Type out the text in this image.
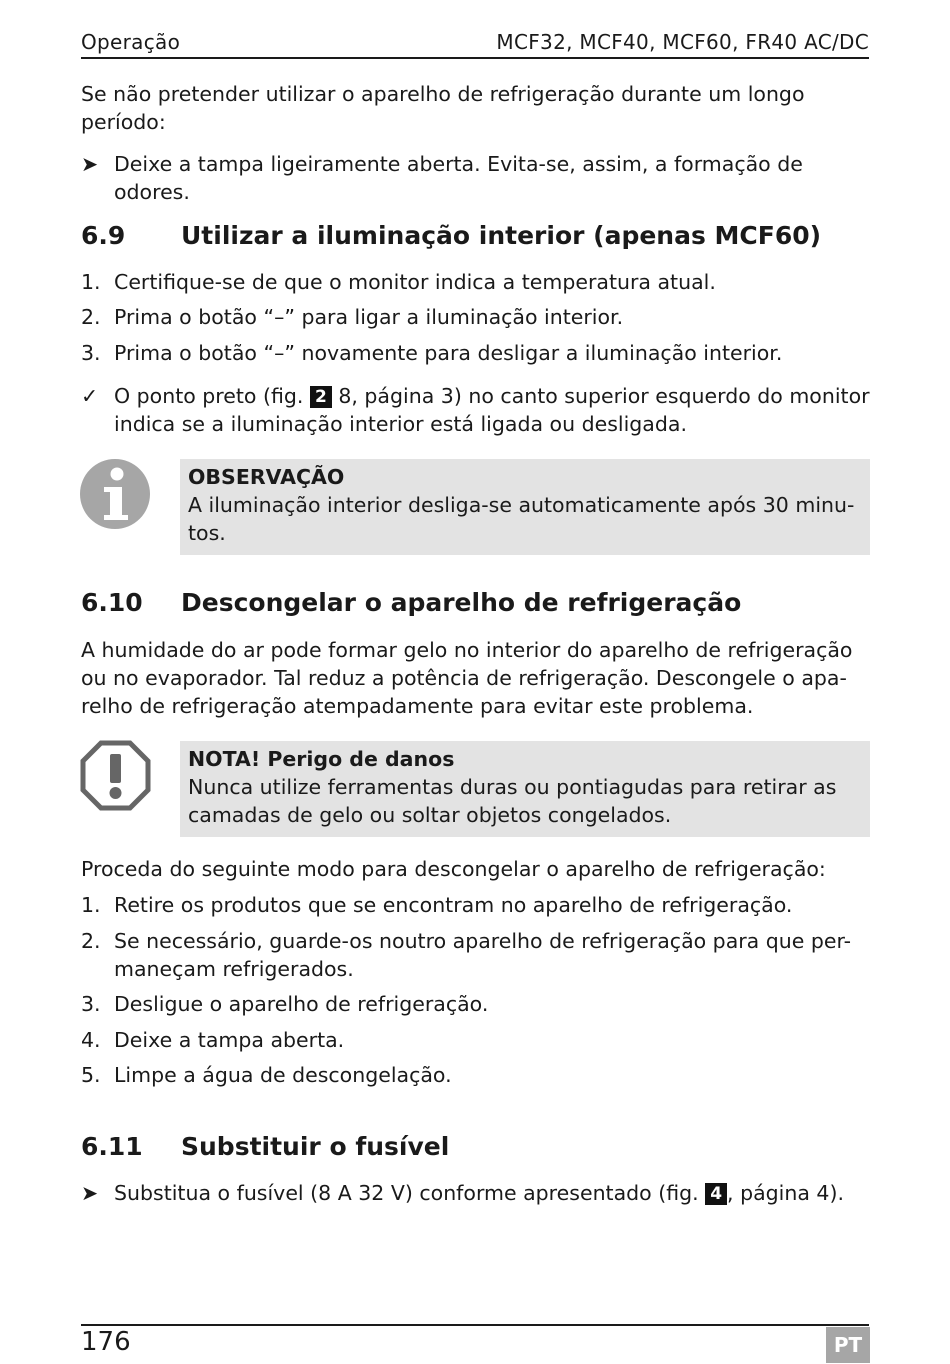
Operação	MCF32, MCF40, MCF60, FR40 AC/DC

Se não pretender utilizar o aparelho de refrigeração durante um longo período:

➤ Deixe a tampa ligeiramente aberta. Evita-se, assim, a formação de odores.
6.9 Utilizar a iluminação interior (apenas MCF60)
1. Certifique-se de que o monitor indica a temperatura atual.
2. Prima o botão “–” para ligar a iluminação interior.
3. Prima o botão “–” novamente para desligar a iluminação interior.
✓ O ponto preto (fig. 2 8, página 3) no canto superior esquerdo do monitor indica se a iluminação interior está ligada ou desligada.
OBSERVAÇÃO
A iluminação interior desliga-se automaticamente após 30 minu-tos.
6.10 Descongelar o aparelho de refrigeração

A humidade do ar pode formar gelo no interior do aparelho de refrigeração ou no evaporador. Tal reduz a potência de refrigeração. Descongele o apa-relho de refrigeração atempadamente para evitar este problema.

NOTA! Perigo de danos
Nunca utilize ferramentas duras ou pontiagudas para retirar as camadas de gelo ou soltar objetos congelados.

Proceda do seguinte modo para descongelar o aparelho de refrigeração:

1. Retire os produtos que se encontram no aparelho de refrigeração.
2. Se necessário, guarde-os noutro aparelho de refrigeração para que per-maneçam refrigerados.
3. Desligue o aparelho de refrigeração.
4. Deixe a tampa aberta.
5. Limpe a água de descongelação.
6.11 Substituir o fusível
➤ Substitua o fusível (8 A 32 V) conforme apresentado (fig. 4 , página 4).
176	PT
